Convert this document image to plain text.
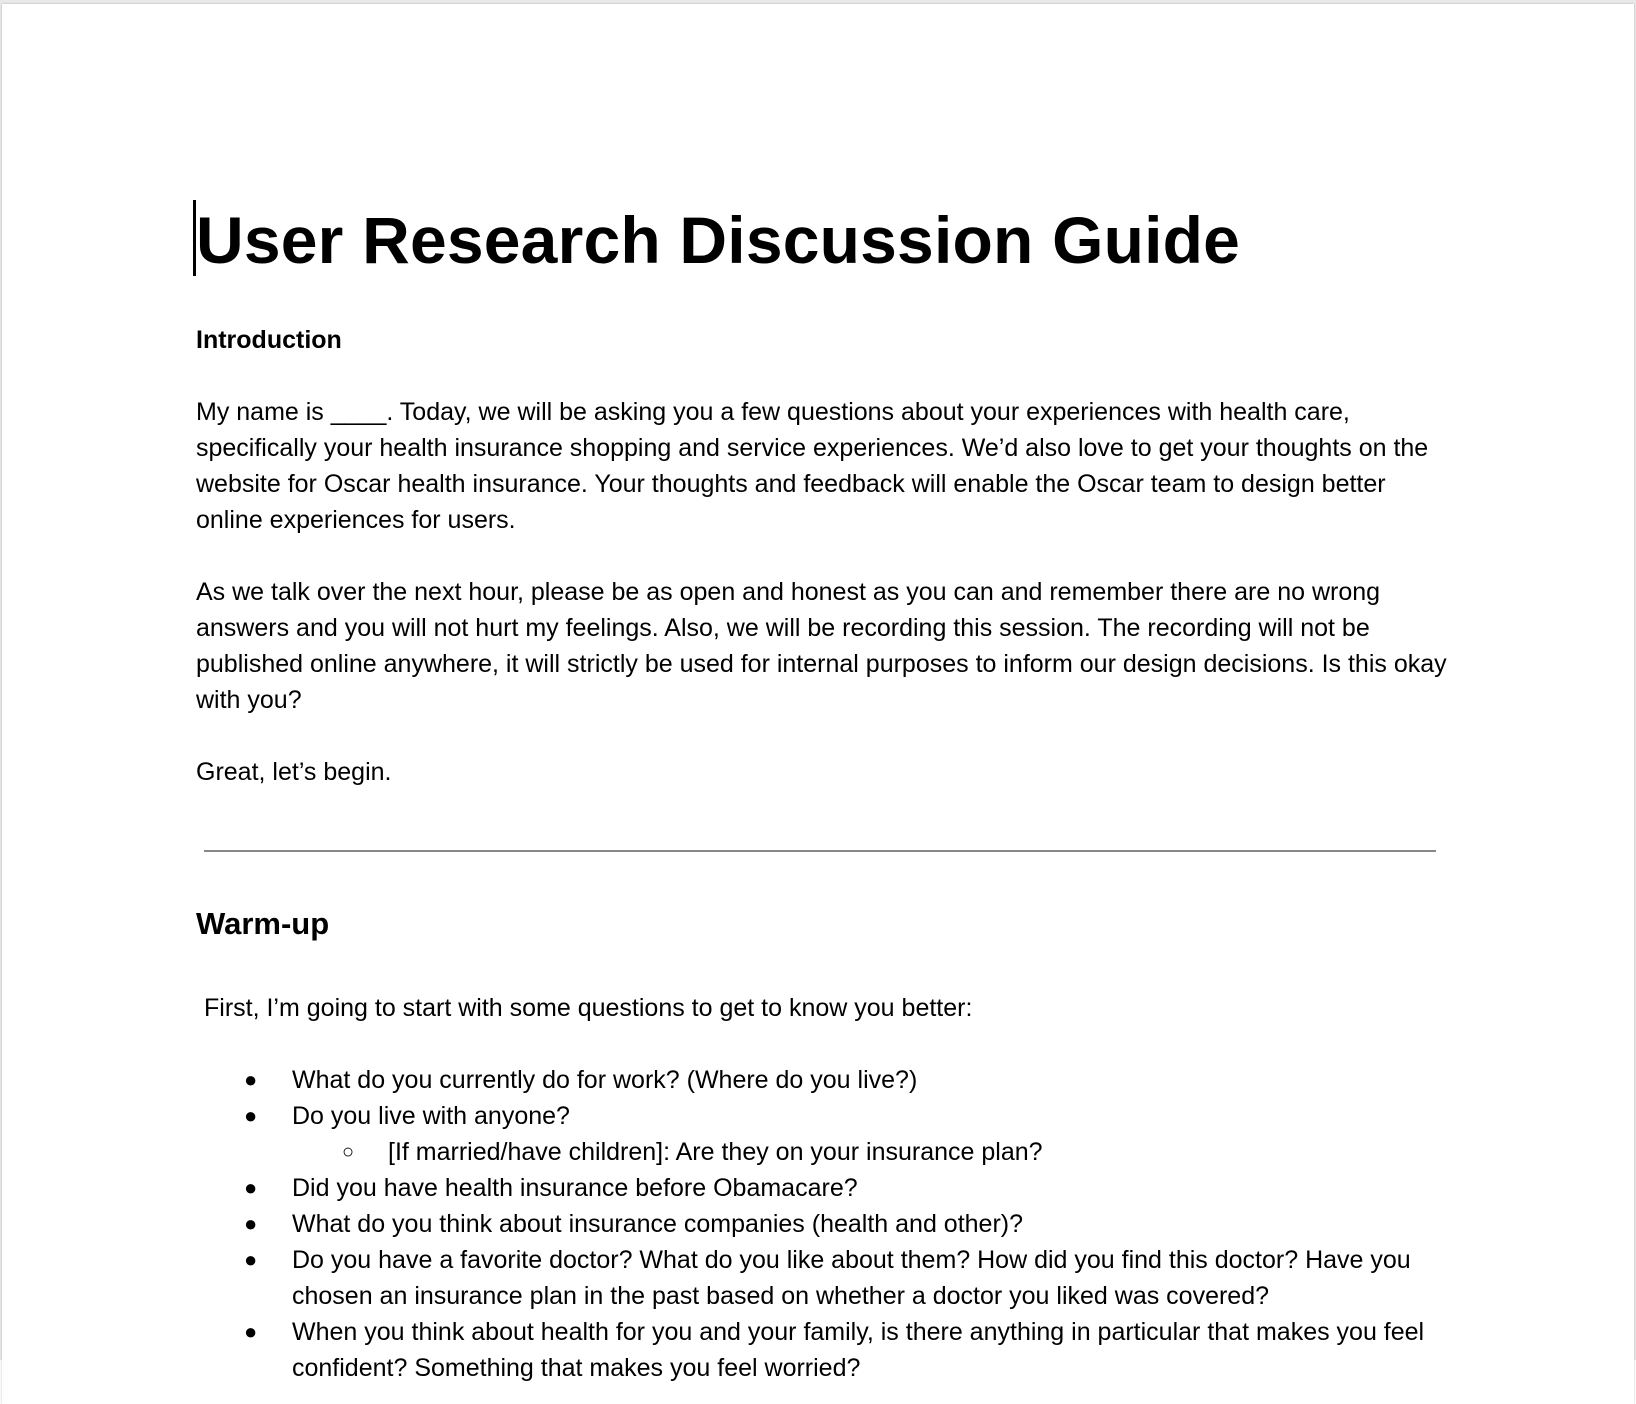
User Research Discussion Guide
Introduction

My name is ____. Today, we will be asking you a few questions about your experiences with health care, specifically your health insurance shopping and service experiences. We’d also love to get your thoughts on the website for Oscar health insurance. Your thoughts and feedback will enable the Oscar team to design better online experiences for users.

As we talk over the next hour, please be as open and honest as you can and remember there are no wrong answers and you will not hurt my feelings. Also, we will be recording this session. The recording will not be published online anywhere, it will strictly be used for internal purposes to inform our design decisions. Is this okay with you?

Great, let’s begin.

Warm-up

First, I’m going to start with some questions to get to know you better:

● What do you currently do for work? (Where do you live?)
● Do you live with anyone?
○ [If married/have children]: Are they on your insurance plan?
● Did you have health insurance before Obamacare?
● What do you think about insurance companies (health and other)?
● Do you have a favorite doctor? What do you like about them? How did you find this doctor? Have you chosen an insurance plan in the past based on whether a doctor you liked was covered?
● When you think about health for you and your family, is there anything in particular that makes you feel confident? Something that makes you feel worried?
